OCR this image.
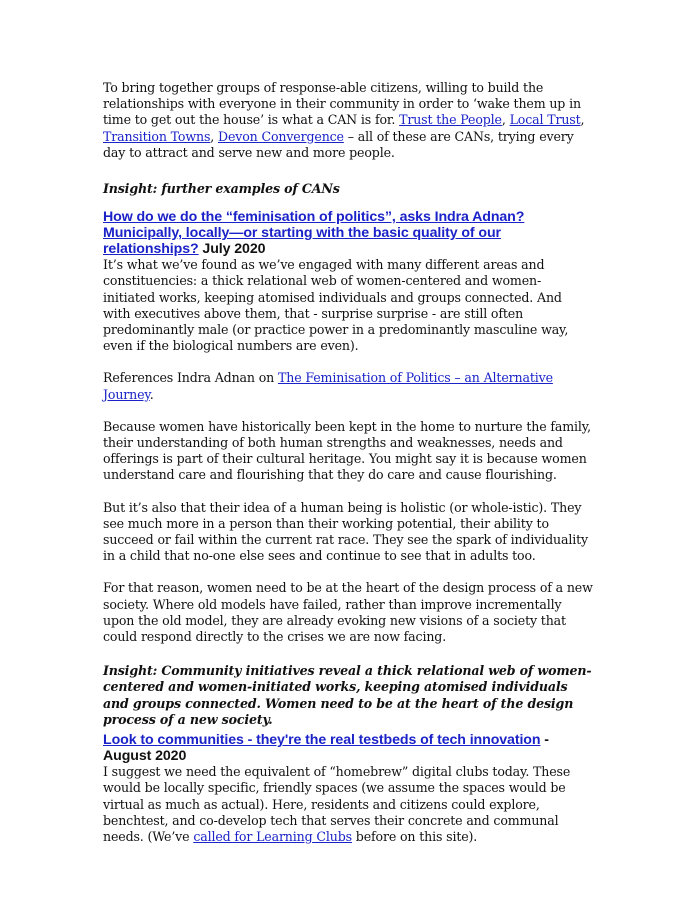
To bring together groups of response-able citizens, willing to build the relationships with everyone in their community in order to ‘wake them up in time to get out the house’ is what a CAN is for. Trust the People, Local Trust, Transition Towns, Devon Convergence – all of these are CANs, trying every day to attract and serve new and more people.

Insight: further examples of CANs

How do we do the “feminisation of politics”, asks Indra Adnan? Municipally, locally—or starting with the basic quality of our relationships? July 2020

It’s what we’ve found as we’ve engaged with many different areas and constituencies: a thick relational web of women-centered and women-initiated works, keeping atomised individuals and groups connected. And with executives above them, that - surprise surprise - are still often predominantly male (or practice power in a predominantly masculine way, even if the biological numbers are even).

References Indra Adnan on The Feminisation of Politics – an Alternative Journey.

Because women have historically been kept in the home to nurture the family, their understanding of both human strengths and weaknesses, needs and offerings is part of their cultural heritage. You might say it is because women understand care and flourishing that they do care and cause flourishing.

But it’s also that their idea of a human being is holistic (or whole-istic). They see much more in a person than their working potential, their ability to succeed or fail within the current rat race. They see the spark of individuality in a child that no-one else sees and continue to see that in adults too.

For that reason, women need to be at the heart of the design process of a new society. Where old models have failed, rather than improve incrementally upon the old model, they are already evoking new visions of a society that could respond directly to the crises we are now facing.

Insight: Community initiatives reveal a thick relational web of women-centered and women-initiated works, keeping atomised individuals and groups connected. Women need to be at the heart of the design process of a new society.

Look to communities - they're the real testbeds of tech innovation - August 2020

I suggest we need the equivalent of “homebrew” digital clubs today. These would be locally specific, friendly spaces (we assume the spaces would be virtual as much as actual). Here, residents and citizens could explore, benchtest, and co-develop tech that serves their concrete and communal needs. (We’ve called for Learning Clubs before on this site).
